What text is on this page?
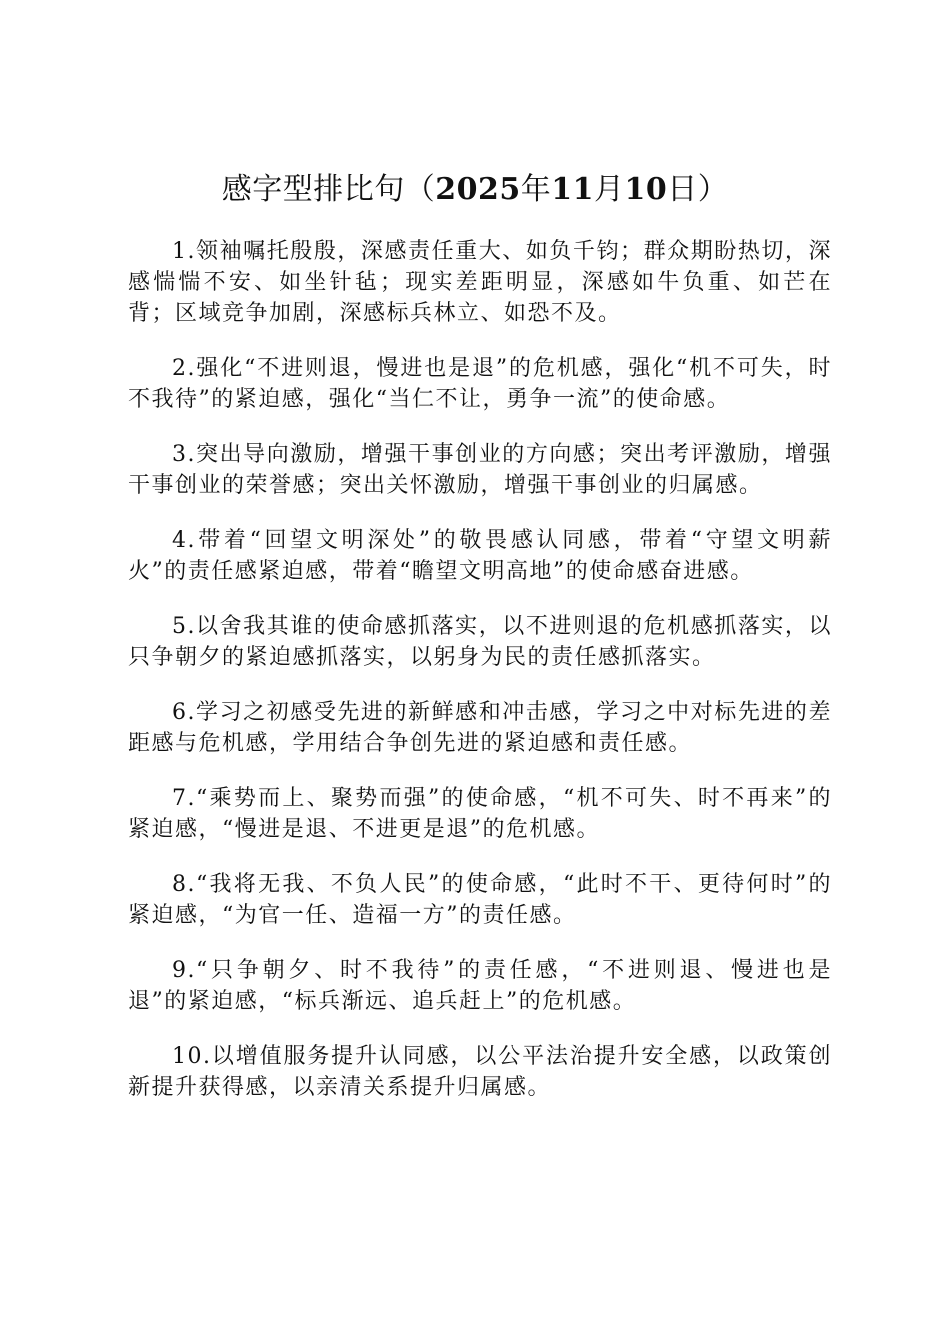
感字型排比句（2025年11月10日）

1.领袖嘱托殷殷，深感责任重大、如负千钧；群众期盼热切，深感惴惴不安、如坐针毡；现实差距明显，深感如牛负重、如芒在背；区域竞争加剧，深感标兵林立、如恐不及。

2.强化“不进则退，慢进也是退”的危机感，强化“机不可失，时不我待”的紧迫感，强化“当仁不让，勇争一流”的使命感。

3.突出导向激励，增强干事创业的方向感；突出考评激励，增强干事创业的荣誉感；突出关怀激励，增强干事创业的归属感。

4.带着“回望文明深处”的敬畏感认同感，带着“守望文明薪火”的责任感紧迫感，带着“瞻望文明高地”的使命感奋进感。

5.以舍我其谁的使命感抓落实，以不进则退的危机感抓落实，以只争朝夕的紧迫感抓落实，以躬身为民的责任感抓落实。

6.学习之初感受先进的新鲜感和冲击感，学习之中对标先进的差距感与危机感，学用结合争创先进的紧迫感和责任感。

7.“乘势而上、聚势而强”的使命感，“机不可失、时不再来”的紧迫感，“慢进是退、不进更是退”的危机感。

8.“我将无我、不负人民”的使命感，“此时不干、更待何时”的紧迫感，“为官一任、造福一方”的责任感。

9.“只争朝夕、时不我待”的责任感，“不进则退、慢进也是退”的紧迫感，“标兵渐远、追兵赶上”的危机感。

10.以增值服务提升认同感，以公平法治提升安全感，以政策创新提升获得感，以亲清关系提升归属感。
